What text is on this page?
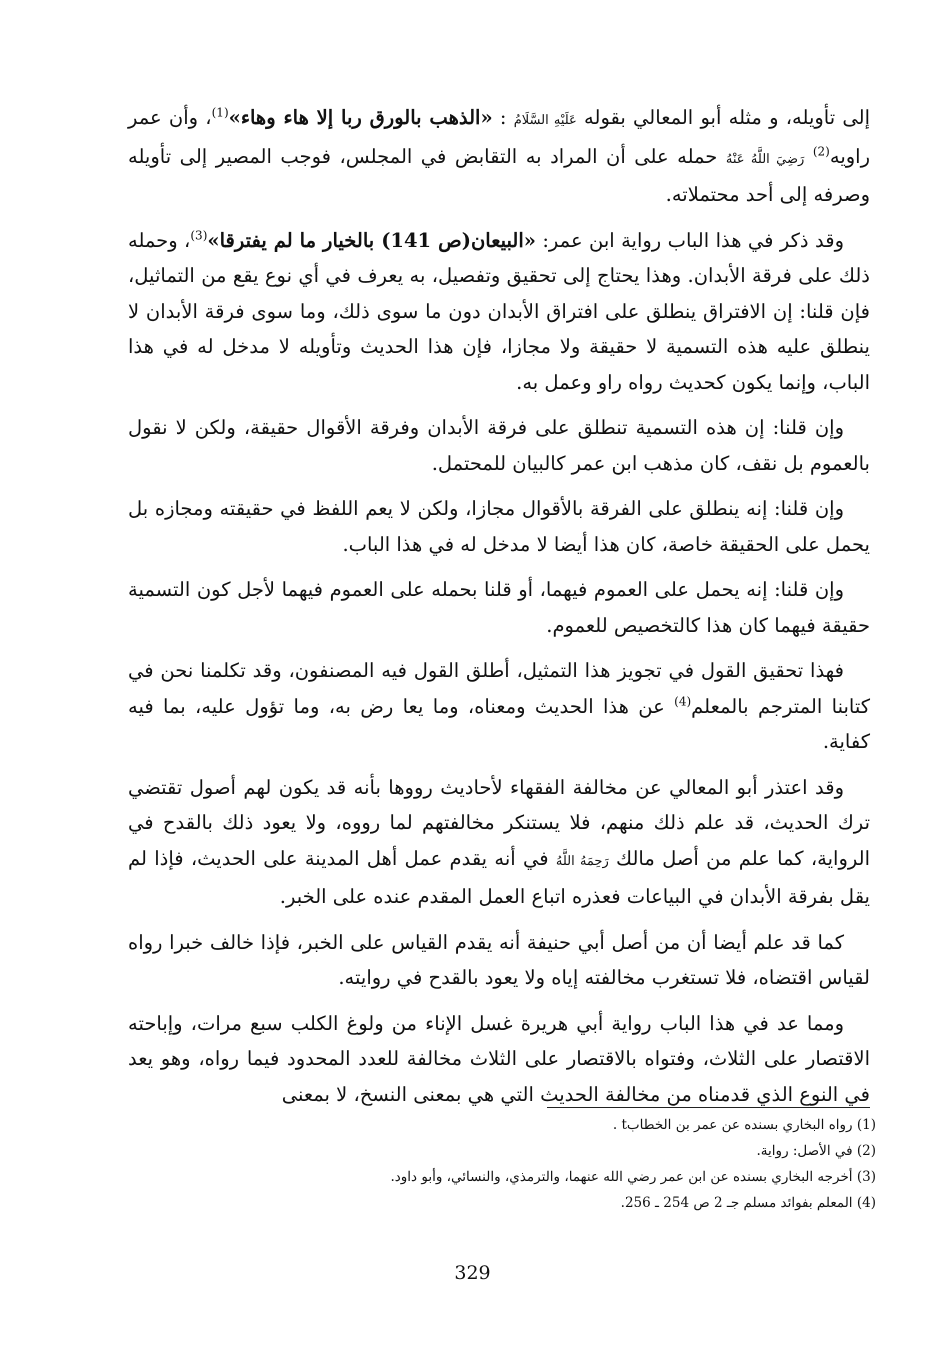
إلى تأويله، و مثله أبو المعالي بقوله عَلَيْهِ السَّلَامُ : «الذهب بالورق ربا إلا هاء وهاء»$^{(1)}$، وأن عمر راويه$^{(2)}$ رَضِيَ اللَّهُ عَنْهُ حمله على أن المراد به التقابض في المجلس، فوجب المصير إلى تأويله وصرفه إلى أحد محتملاته.

وقد ذكر في هذا الباب رواية ابن عمر: «البيعان(ص 141) بالخيار ما لم يفترقا»$^{(3)}$، وحمله ذلك على فرقة الأبدان. وهذا يحتاج إلى تحقيق وتفصيل، به يعرف في أي نوع يقع من التماثيل، فإن قلنا: إن الافتراق ينطلق على افتراق الأبدان دون ما سوى ذلك، وما سوى فرقة الأبدان لا ينطلق عليه هذه التسمية لا حقيقة ولا مجازا، فإن هذا الحديث وتأويله لا مدخل له في هذا الباب، وإنما يكون كحديث رواه راو وعمل به.

وإن قلنا: إن هذه التسمية تنطلق على فرقة الأبدان وفرقة الأقوال حقيقة، ولكن لا نقول بالعموم بل نقف، كان مذهب ابن عمر كالبيان للمحتمل.

وإن قلنا: إنه ينطلق على الفرقة بالأقوال مجازا، ولكن لا يعم اللفظ في حقيقته ومجازه بل يحمل على الحقيقة خاصة، كان هذا أيضا لا مدخل له في هذا الباب.

وإن قلنا: إنه يحمل على العموم فيهما، أو قلنا بحمله على العموم فيهما لأجل كون التسمية حقيقة فيهما كان هذا كالتخصيص للعموم.

فهذا تحقيق القول في تجويز هذا التمثيل، أطلق القول فيه المصنفون، وقد تكلمنا نحن في كتابنا المترجم بالمعلم$^{(4)}$ عن هذا الحديث ومعناه، وما يعا رض به، وما تؤول عليه، بما فيه كفاية.

وقد اعتذر أبو المعالي عن مخالفة الفقهاء لأحاديث رووها بأنه قد يكون لهم أصول تقتضي ترك الحديث، قد علم ذلك منهم، فلا يستنكر مخالفتهم لما رووه، ولا يعود ذلك بالقدح في الرواية، كما علم من أصل مالك رَحِمَهُ اللَّهُ في أنه يقدم عمل أهل المدينة على الحديث، فإذا لم يقل بفرقة الأبدان في البياعات فعذره اتباع العمل المقدم عنده على الخبر.

كما قد علم أيضا أن من أصل أبي حنيفة أنه يقدم القياس على الخبر، فإذا خالف خبرا رواه لقياس اقتضاه، فلا تستغرب مخالفته إياه ولا يعود بالقدح في روايته.

ومما عد في هذا الباب رواية أبي هريرة غسل الإناء من ولوغ الكلب سبع مرات، وإباحته الاقتصار على الثلاث، وفتواه بالاقتصار على الثلاث مخالفة للعدد المحدود فيما رواه، وهو يعد في النوع الذي قدمناه من مخالفة الحديث التي هي بمعنى النسخ، لا بمعنى

(1) رواه البخاري بسنده عن عمر بن الخطابt .
(2) في الأصل: رواية.
(3) أخرجه البخاري بسنده عن ابن عمر رضي الله عنهما، والترمذي، والنسائي، وأبو داود.
(4) المعلم بفوائد مسلم جـ 2 ص 254 ـ 256.
329
